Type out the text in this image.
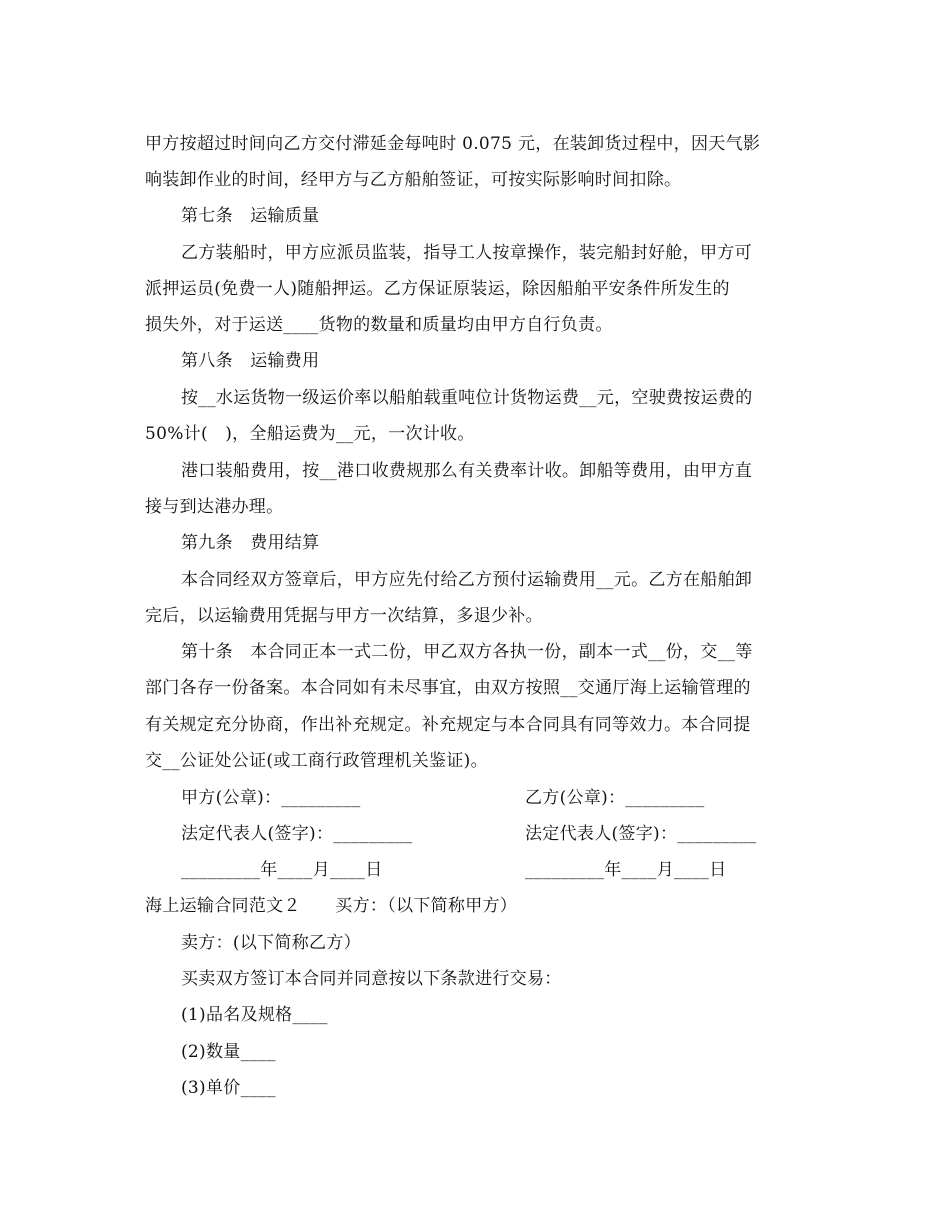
甲方按超过时间向乙方交付滞延金每吨时 0.075 元，在装卸货过程中，因天气影
响装卸作业的时间，经甲方与乙方船舶签证，可按实际影响时间扣除。
第七条　运输质量
乙方装船时，甲方应派员监装，指导工人按章操作，装完船封好舱，甲方可
派押运员(免费一人)随船押运。乙方保证原装运，除因船舶平安条件所发生的
损失外，对于运送____货物的数量和质量均由甲方自行负责。
第八条　运输费用
按__水运货物一级运价率以船舶载重吨位计货物运费__元，空驶费按运费的
50%计(　)，全船运费为__元，一次计收。
港口装船费用，按__港口收费规那么有关费率计收。卸船等费用，由甲方直
接与到达港办理。
第九条　费用结算
本合同经双方签章后，甲方应先付给乙方预付运输费用__元。乙方在船舶卸
完后，以运输费用凭据与甲方一次结算，多退少补。
第十条　本合同正本一式二份，甲乙双方各执一份，副本一式__份，交__等
部门各存一份备案。本合同如有未尽事宜，由双方按照__交通厅海上运输管理的
有关规定充分协商，作出补充规定。补充规定与本合同具有同等效力。本合同提
交__公证处公证(或工商行政管理机关鉴证)。
甲方(公章)：_________	乙方(公章)：_________
法定代表人(签字)：_________	法定代表人(签字)：_________
_________年____月____日	_________年____月____日
海上运输合同范文２　　买方：（以下简称甲方）
卖方：(以下简称乙方）
买卖双方签订本合同并同意按以下条款进行交易：
(1)品名及规格____
(2)数量____
(3)单价____
